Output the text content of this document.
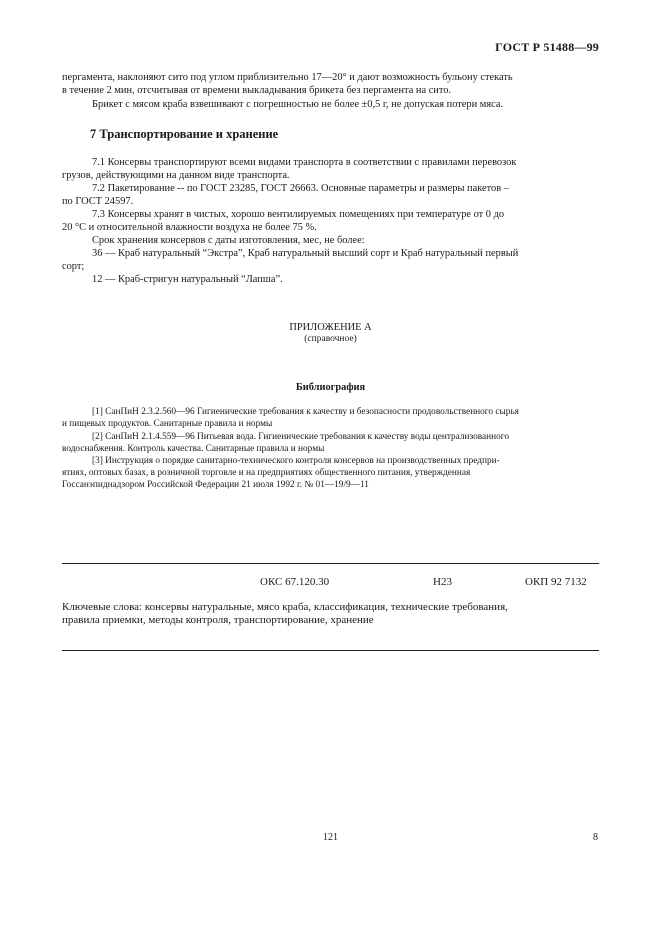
ГОСТ Р 51488—99
пергамента, наклоняют сито под углом приблизительно 17—20° и дают возможность бульону стекать
в течение 2 мин, отсчитывая от времени выкладывания брикета без пергамента на сито.
Брикет с мясом краба взвешивают с погрешностью не более ±0,5 г, не допуская потери мяса.
7 Транспортирование и хранение
7.1 Консервы транспортируют всеми видами транспорта в соответствии с правилами перевозок
грузов, действующими на данном виде транспорта.
7.2 Пакетирование -- по ГОСТ 23285, ГОСТ 26663. Основные параметры и размеры пакетов –
по ГОСТ 24597.
7.3 Консервы хранят в чистых, хорошо вентилируемых помещениях при температуре от 0 до
20 °С и относительной влажности воздуха не более 75 %.
Срок хранения консервов с даты изготовления, мес, не более:
36 — Краб натуральный “Экстра”, Краб натуральный высший сорт и Краб натуральный первый
сорт;
12 — Краб-стригун натуральный “Лапша”.
ПРИЛОЖЕНИЕ А
(справочное)
Библиография
[1] СанПиН 2.3.2.560—96 Гигиенические требования к качеству и безопасности продовольственного сырья
и пищевых продуктов. Санитарные правила и нормы
[2] СанПиН 2.1.4.559—96 Питьевая вода. Гигиенические требования к качеству воды централизованного
водоснабжения. Контроль качества. Санитарные правила и нормы
[3] Инструкция о порядке санитарно-технического контроля консервов на производственных предпри-
ятиях, оптовых базах, в розничной торговле и на предприятиях общественного питания, утвержденная
Госсанэпиднадзором Российской Федерации 21 июля 1992 г. № 01—19/9—11
ОКС 67.120.30	Н23	ОКП 92 7132
Ключевые слова: консервы натуральные, мясо краба, классификация, технические требования,
правила приемки, методы контроля, транспортирование, хранение
121	8
